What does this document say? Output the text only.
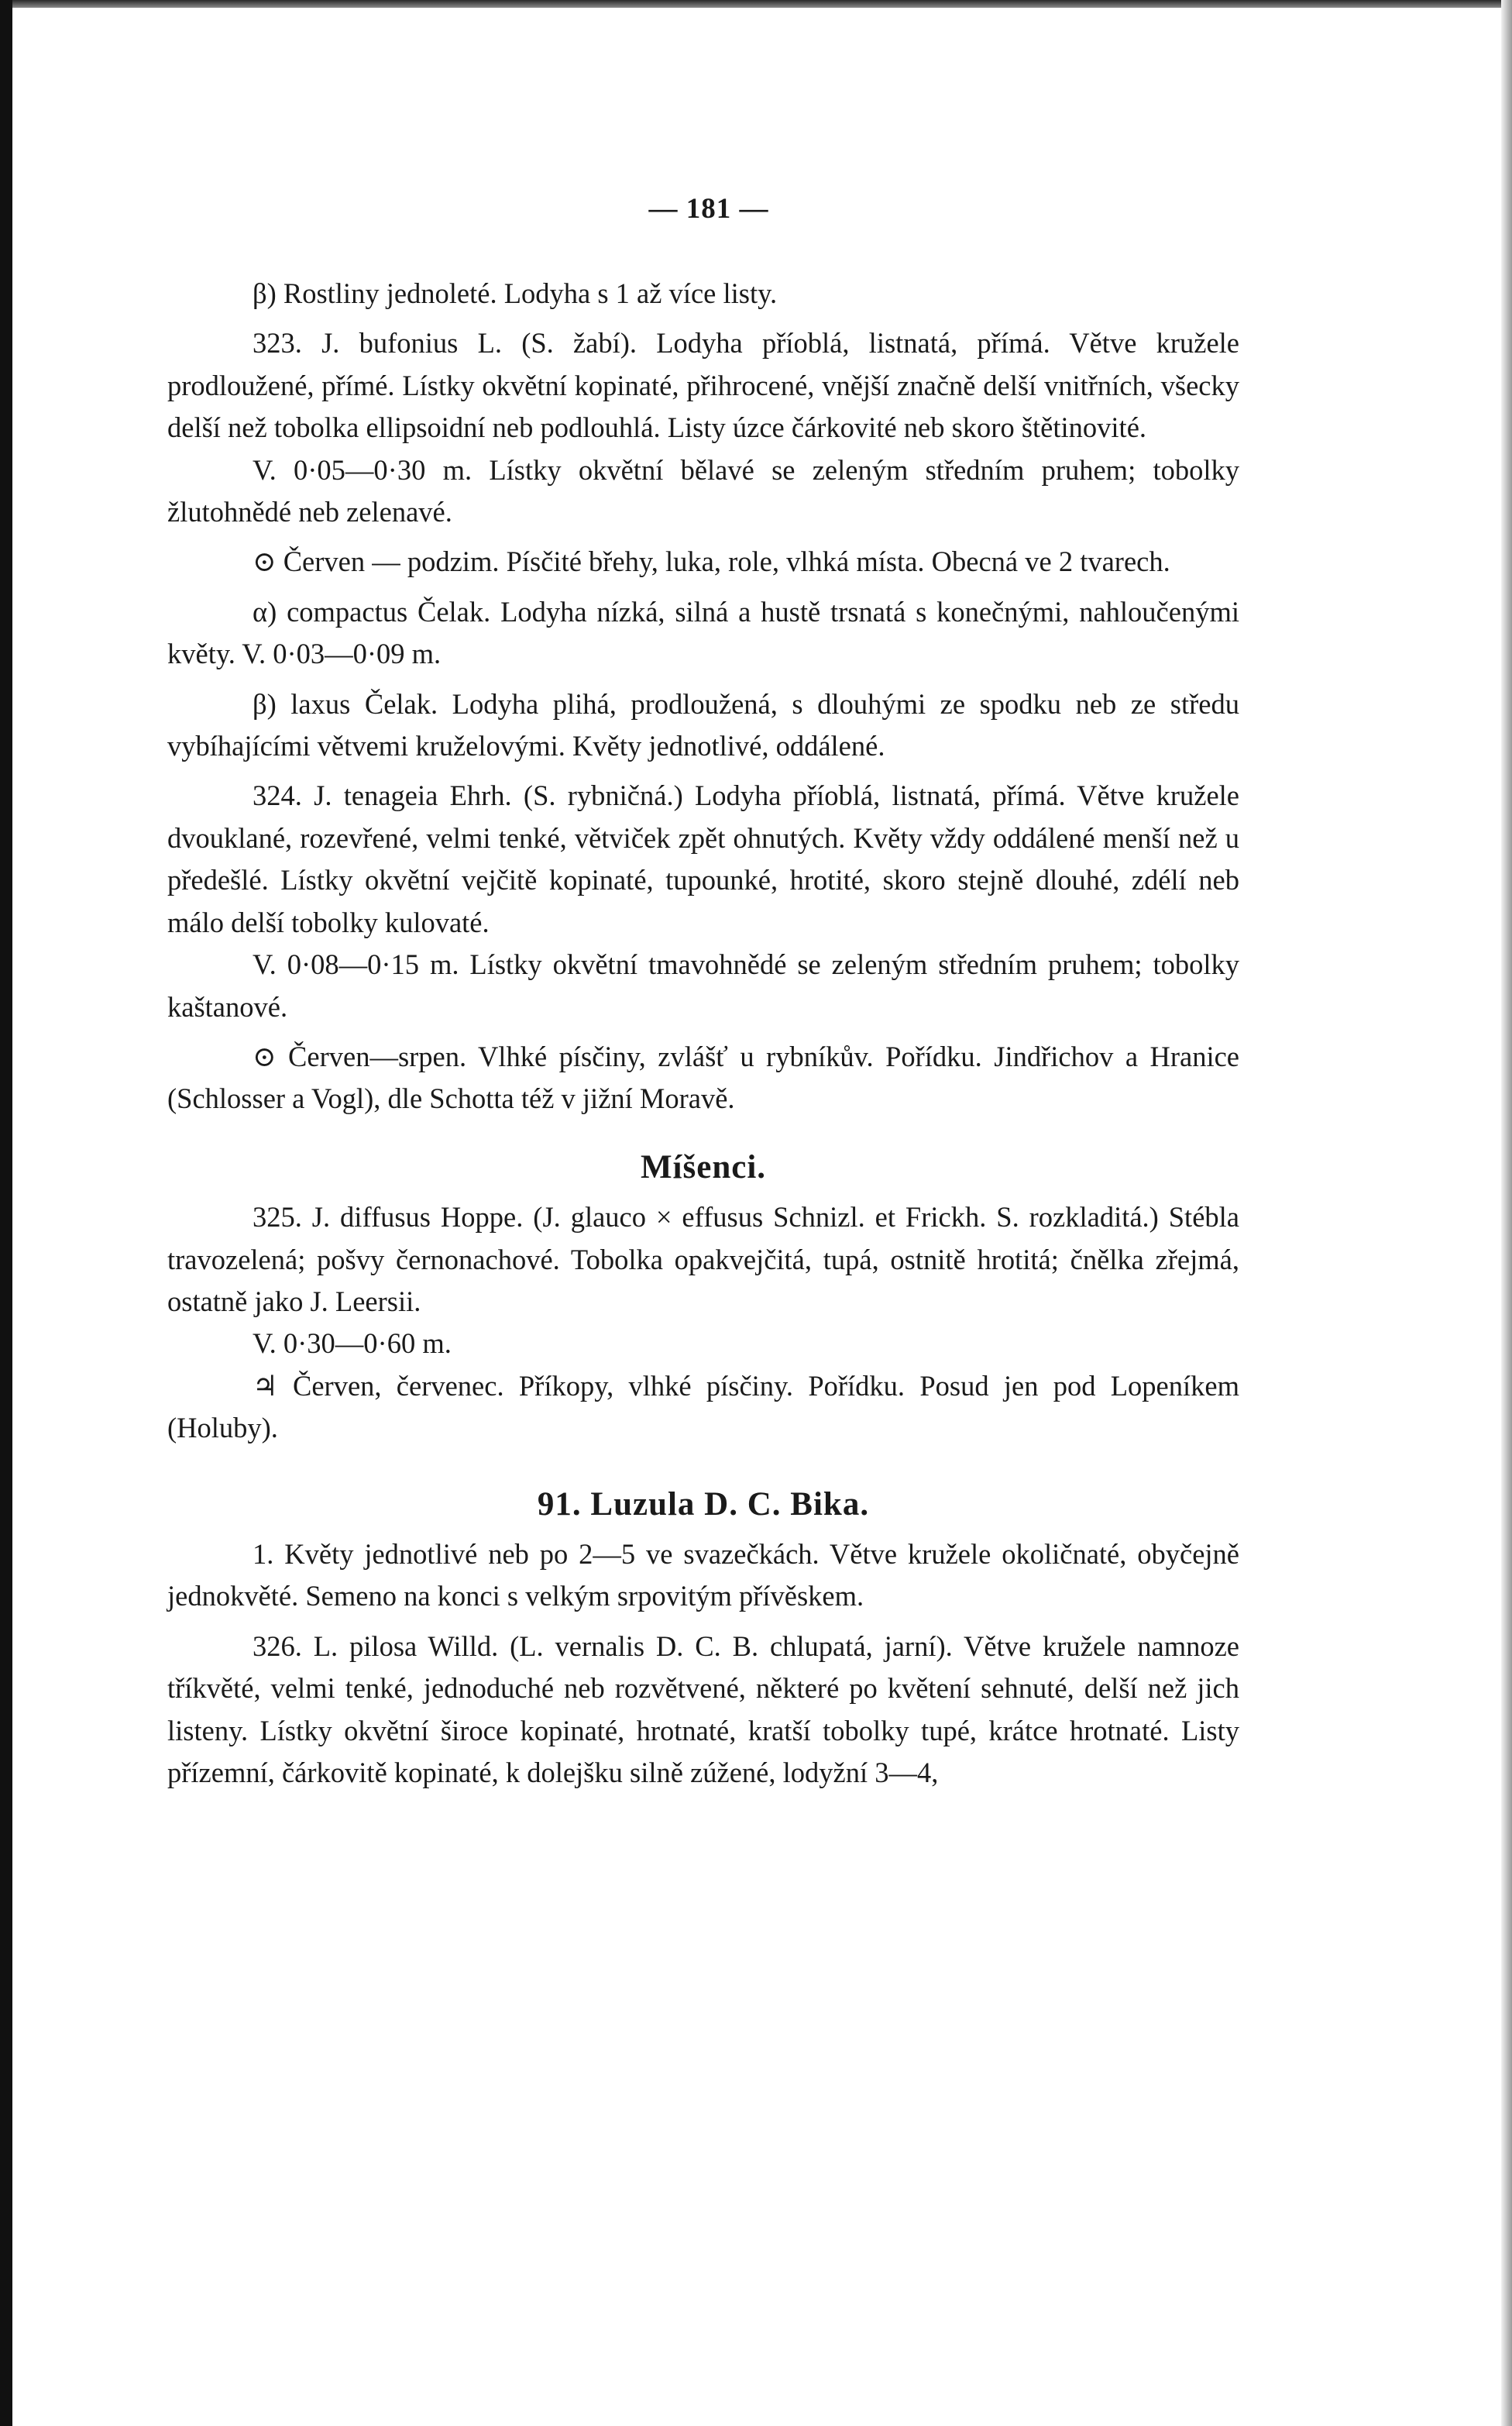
— 181 —

β) Rostliny jednoleté. Lodyha s 1 až více listy.

323. J. bufonius L. (S. žabí). Lodyha příoblá, listnatá, přímá. Větve kružele prodloužené, přímé. Lístky okvětní kopinaté, přihrocené, vnější značně delší vnitřních, všecky delší než tobolka ellipsoidní neb podlouhlá. Listy úzce čárkovité neb skoro štětinovité.

V. 0·05—0·30 m. Lístky okvětní bělavé se zeleným středním pruhem; tobolky žlutohnědé neb zelenavé.

⊙ Červen — podzim. Písčité břehy, luka, role, vlhká místa. Obecná ve 2 tvarech.

α) compactus Čelak. Lodyha nízká, silná a hustě trsnatá s konečnými, nahloučenými květy. V. 0·03—0·09 m.

β) laxus Čelak. Lodyha plihá, prodloužená, s dlouhými ze spodku neb ze středu vybíhajícími větvemi kruželovými. Květy jednotlivé, oddálené.

324. J. tenageia Ehrh. (S. rybničná.) Lodyha příoblá, listnatá, přímá. Větve kružele dvouklané, rozevřené, velmi tenké, větviček zpět ohnutých. Květy vždy oddálené menší než u předešlé. Lístky okvětní vejčitě kopinaté, tupounké, hrotité, skoro stejně dlouhé, zdélí neb málo delší tobolky kulovaté.

V. 0·08—0·15 m. Lístky okvětní tmavohnědé se zeleným středním pruhem; tobolky kaštanové.

⊙ Červen—srpen. Vlhké písčiny, zvlášť u rybníkův. Pořídku. Jindřichov a Hranice (Schlosser a Vogl), dle Schotta též v jižní Moravě.

Míšenci.

325. J. diffusus Hoppe. (J. glauco × effusus Schnizl. et Frickh. S. rozkladitá.) Stébla travozelená; pošvy černonachové. Tobolka opakvejčitá, tupá, ostnitě hrotitá; čnělka zřejmá, ostatně jako J. Leersii.

V. 0·30—0·60 m.

♃ Červen, červenec. Příkopy, vlhké písčiny. Pořídku. Posud jen pod Lopeníkem (Holuby).

91. Luzula D. C. Bika.

1. Květy jednotlivé neb po 2—5 ve svazečkách. Větve kružele okoličnaté, obyčejně jednokvěté. Semeno na konci s velkým srpovitým přívěskem.

326. L. pilosa Willd. (L. vernalis D. C. B. chlupatá, jarní). Větve kružele namnoze tříkvěté, velmi tenké, jednoduché neb rozvětvené, některé po květení sehnuté, delší než jich listeny. Lístky okvětní široce kopinaté, hrotnaté, kratší tobolky tupé, krátce hrotnaté. Listy přízemní, čárkovitě kopinaté, k dolejšku silně zúžené, lodyžní 3—4,
